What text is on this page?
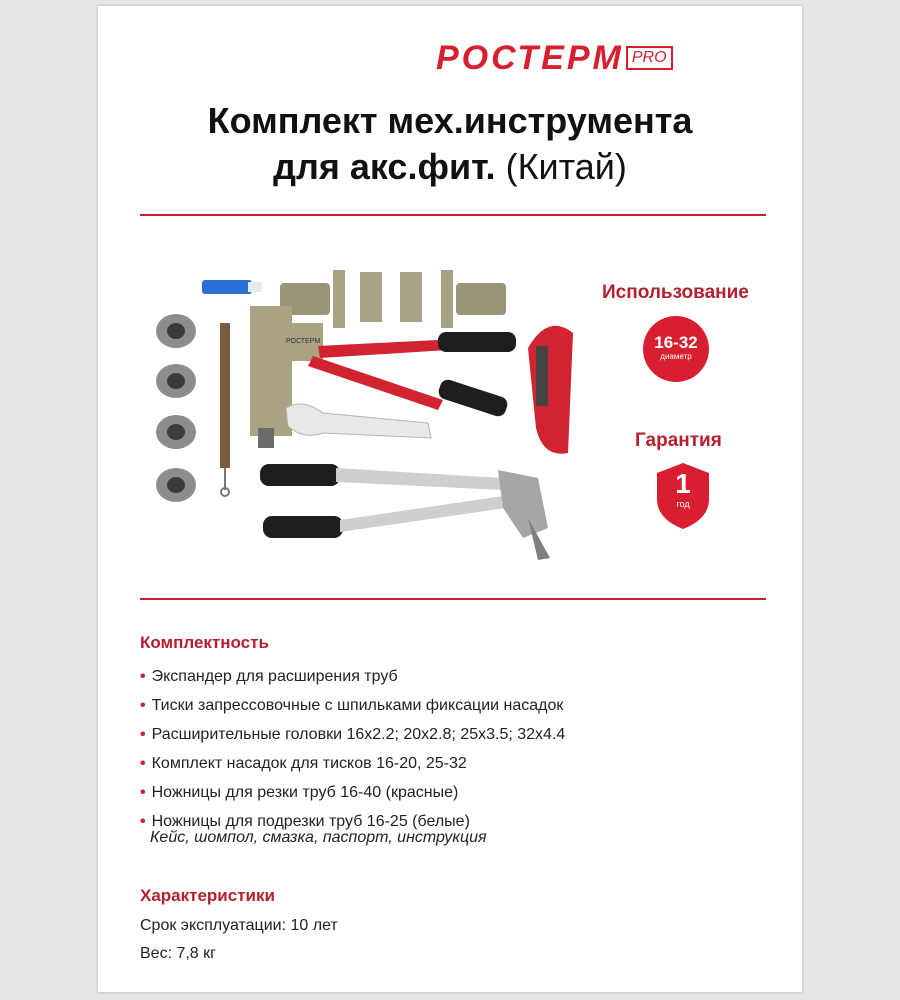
РОСТЕРМ PRO
Комплект мех.инструмента
для акс.фит. (Китай)
РОСТЕРМ
Использование
16-32
диаметр
Гарантия
1
год
Комплектность
• Экспандер для расширения труб
• Тиски запрессовочные с шпильками фиксации насадок
• Расширительные головки 16x2.2; 20x2.8; 25x3.5; 32x4.4
• Комплект насадок для тисков 16-20, 25-32
• Ножницы для резки труб 16-40 (красные)
• Ножницы для подрезки труб 16-25 (белые)
Кейс, шомпол, смазка, паспорт, инструкция
Характеристики
Срок эксплуатации: 10 лет
Вес: 7,8 кг
